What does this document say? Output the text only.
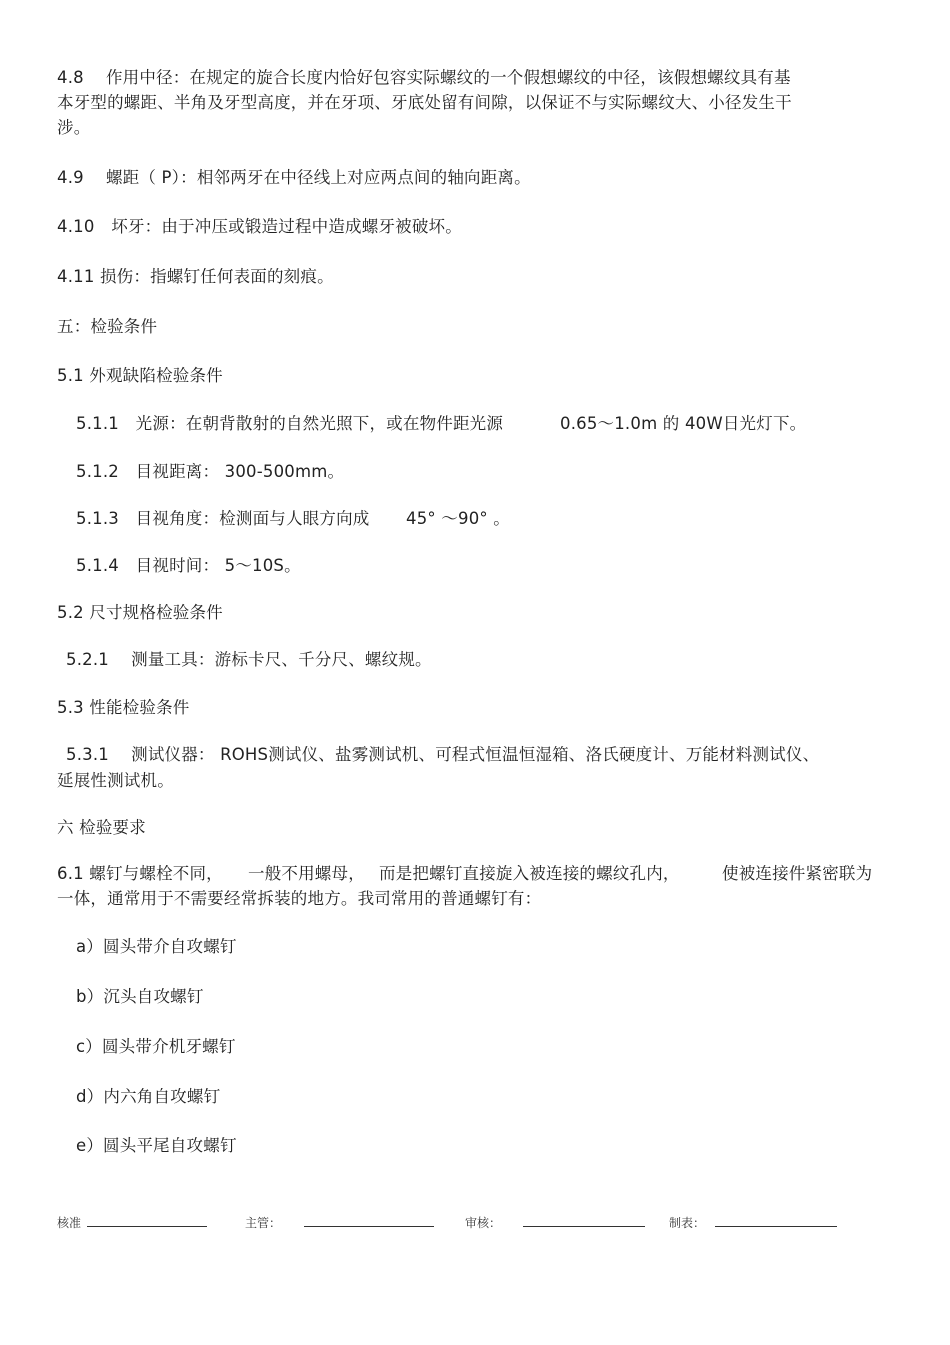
4.8　 作用中径：在规定的旋合长度内恰好包容实际螺纹的一个假想螺纹的中径，该假想螺纹具有基
本牙型的螺距、半角及牙型高度，并在牙项、牙底处留有间隙，以保证不与实际螺纹大、小径发生干
涉。
4.9　 螺距（ P）：相邻两牙在中径线上对应两点间的轴向距离。
4.10　坏牙：由于冲压或锻造过程中造成螺牙被破坏。
4.11 损伤：指螺钉任何表面的刻痕。
五：检验条件
5.1 外观缺陷检验条件
5.1.1　光源：在朝背散射的自然光照下，或在物件距光源	0.65～1.0m 的 40W日光灯下。
5.1.2　目视距离： 300-500mm。
5.1.3　目视角度：检测面与人眼方向成 45° ～90° 。
5.1.4　目视时间： 5～10S。
5.2 尺寸规格检验条件
5.2.1　 测量工具：游标卡尺、千分尺、螺纹规。
5.3 性能检验条件
5.3.1　 测试仪器： ROHS测试仪、盐雾测试机、可程式恒温恒湿箱、洛氏硬度计、万能材料测试仪、
延展性测试机。
六 检验要求
6.1 螺钉与螺栓不同， 一般不用螺母， 而是把螺钉直接旋入被连接的螺纹孔内，	使被连接件紧密联为
一体，通常用于不需要经常拆装的地方。我司常用的普通螺钉有：
a）圆头带介自攻螺钉
b）沉头自攻螺钉
c）圆头带介机牙螺钉
d）内六角自攻螺钉
e）圆头平尾自攻螺钉
核准	主管：	审核：	制表：
